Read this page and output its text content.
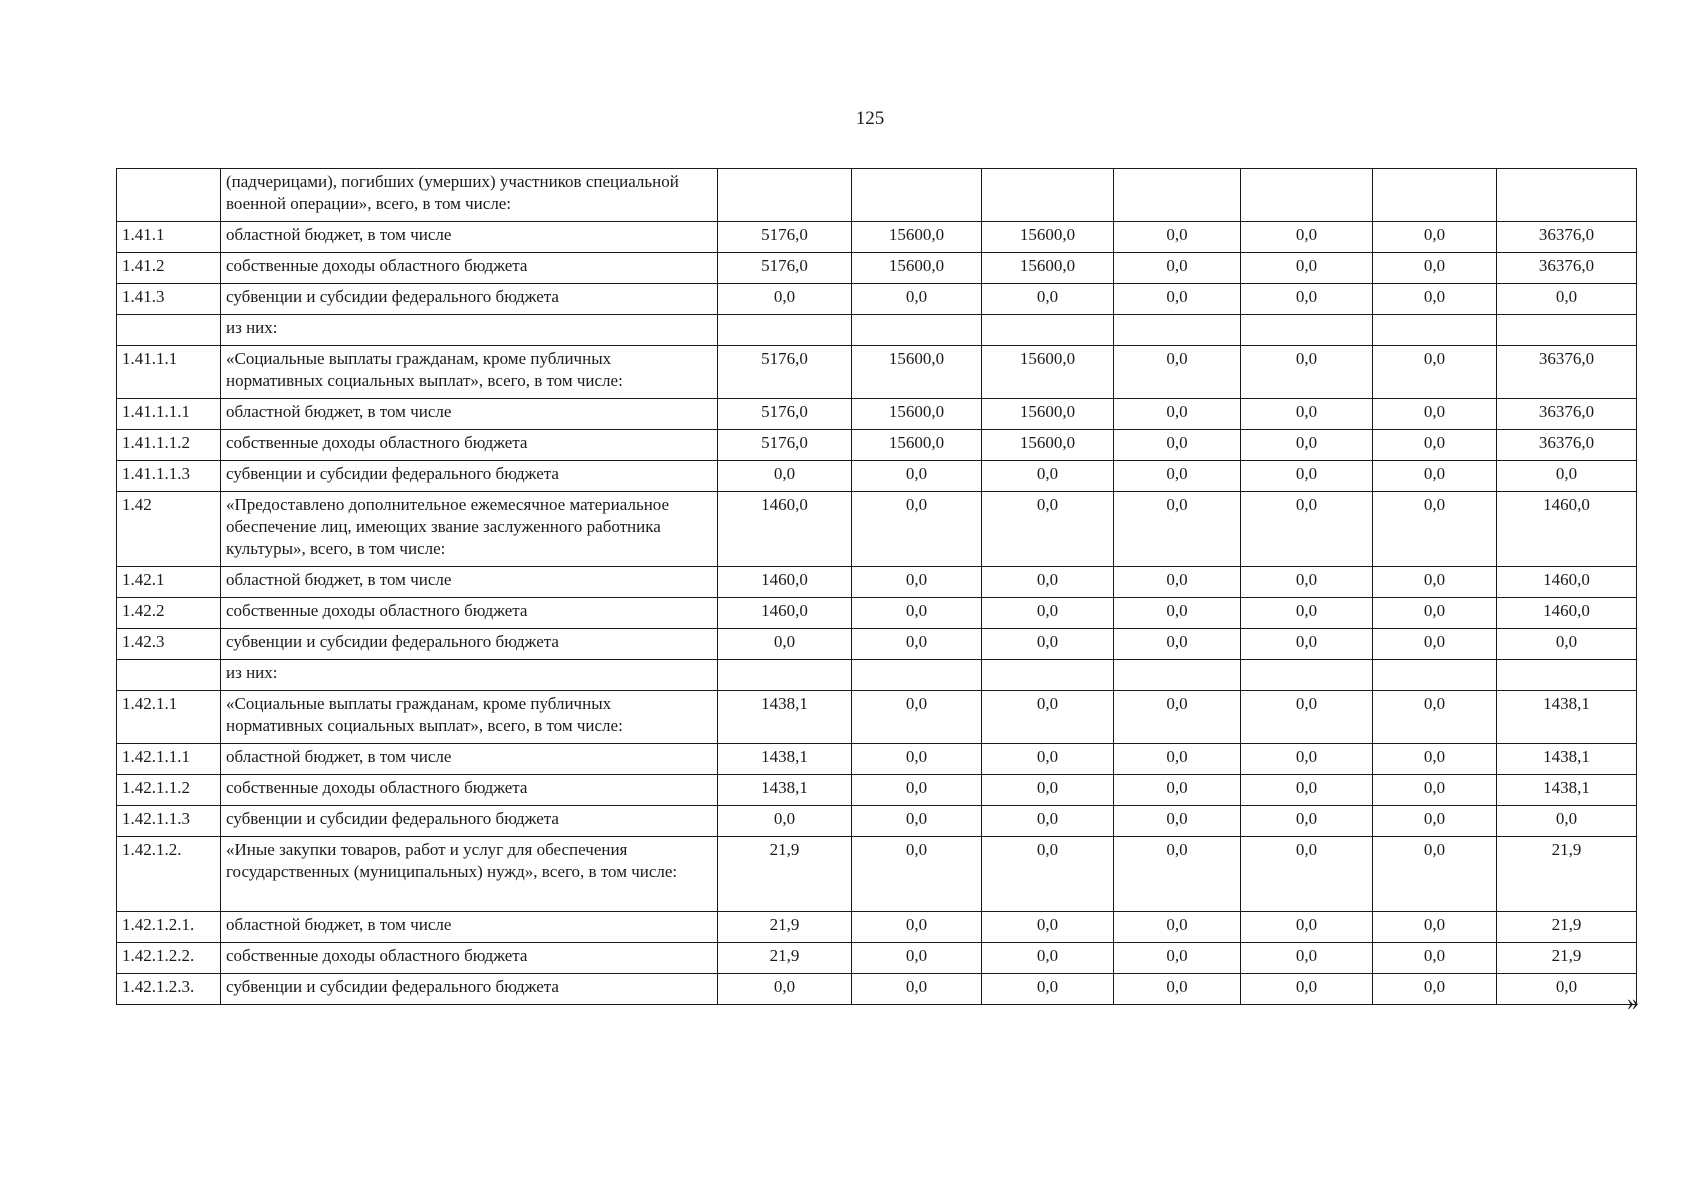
125
	(падчерицами), погибших (умерших) участников специальной военной операции», всего, в том числе:							
1.41.1	областной бюджет, в том числе	5176,0	15600,0	15600,0	0,0	0,0	0,0	36376,0
1.41.2	собственные доходы областного бюджета	5176,0	15600,0	15600,0	0,0	0,0	0,0	36376,0
1.41.3	субвенции и субсидии федерального бюджета	0,0	0,0	0,0	0,0	0,0	0,0	0,0
	из них:							
1.41.1.1	«Социальные выплаты гражданам, кроме публичных нормативных социальных выплат», всего, в том числе:	5176,0	15600,0	15600,0	0,0	0,0	0,0	36376,0
1.41.1.1.1	областной бюджет, в том числе	5176,0	15600,0	15600,0	0,0	0,0	0,0	36376,0
1.41.1.1.2	собственные доходы областного бюджета	5176,0	15600,0	15600,0	0,0	0,0	0,0	36376,0
1.41.1.1.3	субвенции и субсидии федерального бюджета	0,0	0,0	0,0	0,0	0,0	0,0	0,0
1.42	«Предоставлено дополнительное ежемесячное материальное обеспечение лиц, имеющих звание заслуженного работника культуры», всего, в том числе:	1460,0	0,0	0,0	0,0	0,0	0,0	1460,0
1.42.1	областной бюджет, в том числе	1460,0	0,0	0,0	0,0	0,0	0,0	1460,0
1.42.2	собственные доходы областного бюджета	1460,0	0,0	0,0	0,0	0,0	0,0	1460,0
1.42.3	субвенции и субсидии федерального бюджета	0,0	0,0	0,0	0,0	0,0	0,0	0,0
	из них:							
1.42.1.1	«Социальные выплаты гражданам, кроме публичных нормативных социальных выплат», всего, в том числе:	1438,1	0,0	0,0	0,0	0,0	0,0	1438,1
1.42.1.1.1	областной бюджет, в том числе	1438,1	0,0	0,0	0,0	0,0	0,0	1438,1
1.42.1.1.2	собственные доходы областного бюджета	1438,1	0,0	0,0	0,0	0,0	0,0	1438,1
1.42.1.1.3	субвенции и субсидии федерального бюджета	0,0	0,0	0,0	0,0	0,0	0,0	0,0
1.42.1.2.	«Иные закупки товаров, работ и услуг для обеспечения государственных (муниципальных) нужд», всего, в том числе:	21,9	0,0	0,0	0,0	0,0	0,0	21,9
1.42.1.2.1.	областной бюджет, в том числе	21,9	0,0	0,0	0,0	0,0	0,0	21,9
1.42.1.2.2.	собственные доходы областного бюджета	21,9	0,0	0,0	0,0	0,0	0,0	21,9
1.42.1.2.3.	субвенции и субсидии федерального бюджета	0,0	0,0	0,0	0,0	0,0	0,0	0,0
»
